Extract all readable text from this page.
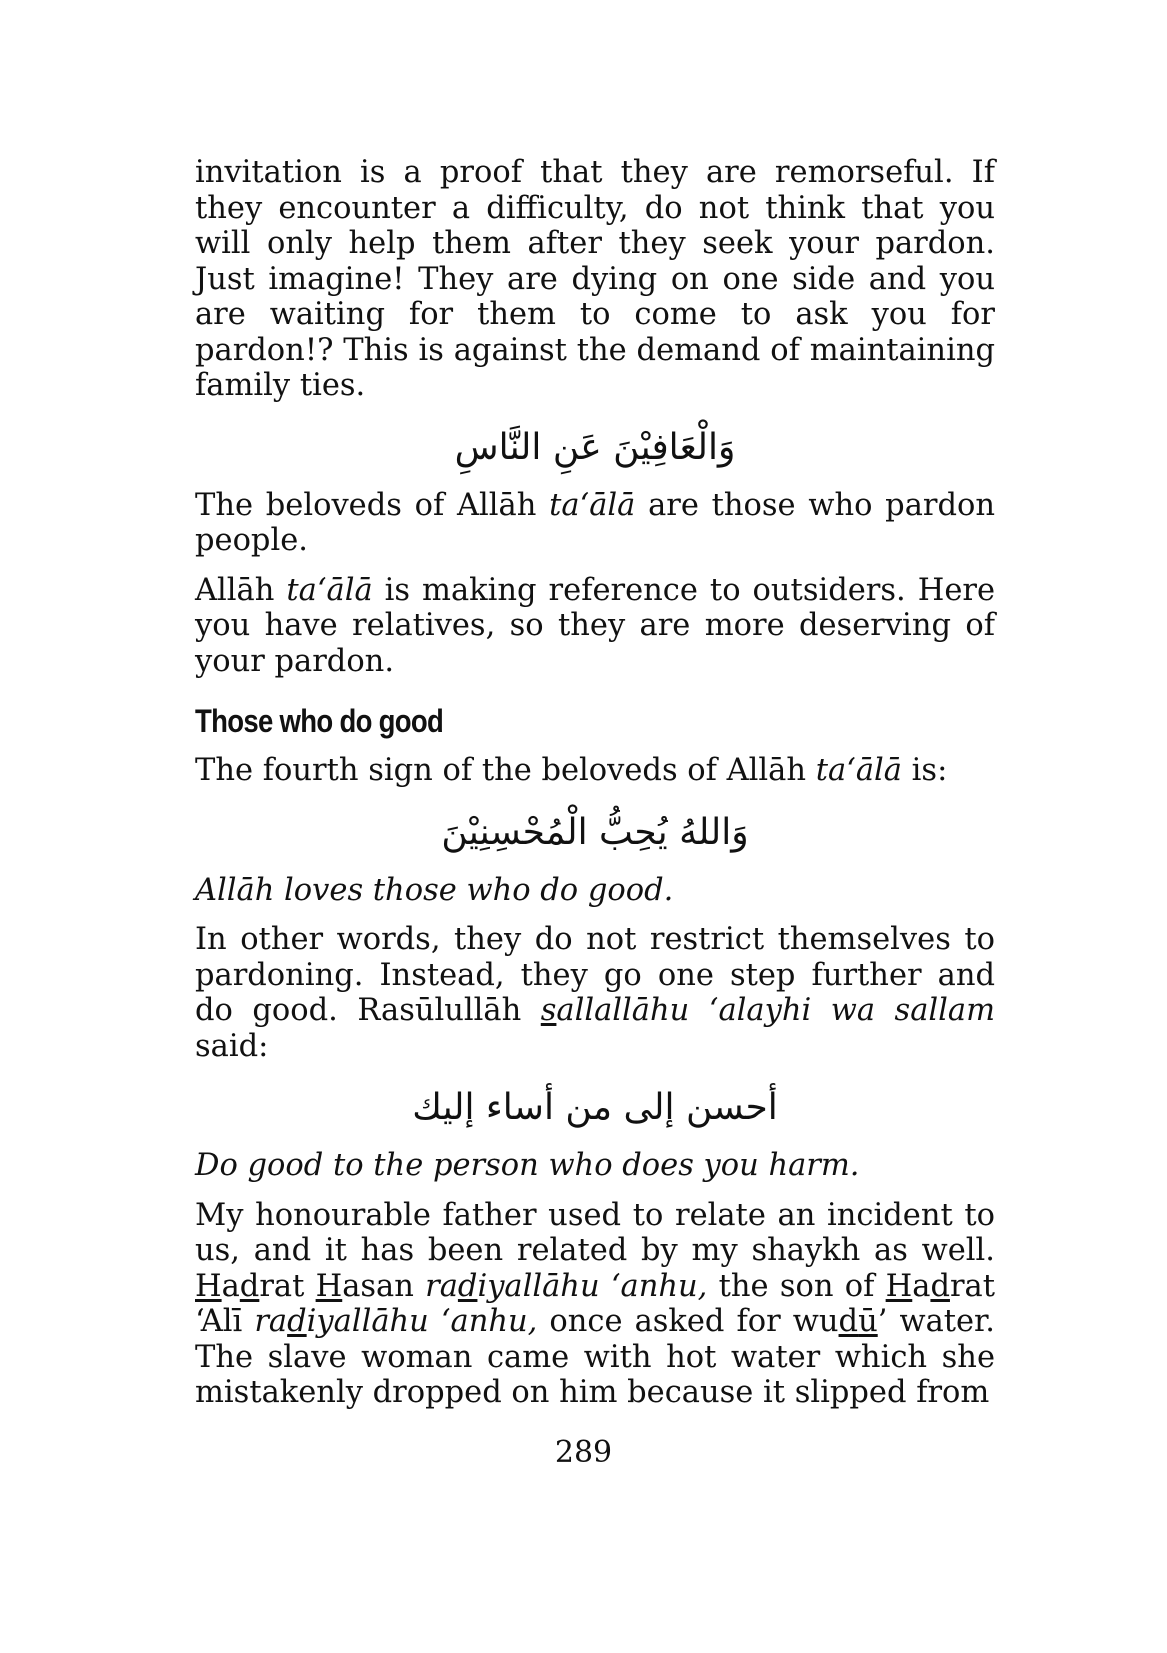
invitation is a proof that they are remorseful. If they encounter a difficulty, do not think that you will only help them after they seek your pardon. Just imagine! They are dying on one side and you are waiting for them to come to ask you for pardon!? This is against the demand of maintaining family ties.

وَالْعَافِيْنَ عَنِ النَّاسِ

The beloveds of Allāh ta‘ālā are those who pardon people.

Allāh ta‘ālā is making reference to outsiders. Here you have relatives, so they are more deserving of your pardon.

Those who do good

The fourth sign of the beloveds of Allāh ta‘ālā is:

وَاللهُ يُحِبُّ الْمُحْسِنِيْنَ

Allāh loves those who do good.

In other words, they do not restrict themselves to pardoning. Instead, they go one step further and do good. Rasūlullāh sallallāhu ‘alayhi wa sallam said:

أحسن إلى من أساء إليك

Do good to the person who does you harm.

My honourable father used to relate an incident to us, and it has been related by my shaykh as well. Hadrat Hasan radiyallāhu ‘anhu, the son of Hadrat ‘Alī radiyallāhu ‘anhu, once asked for wudū’ water. The slave woman came with hot water which she mistakenly dropped on him because it slipped from

289
